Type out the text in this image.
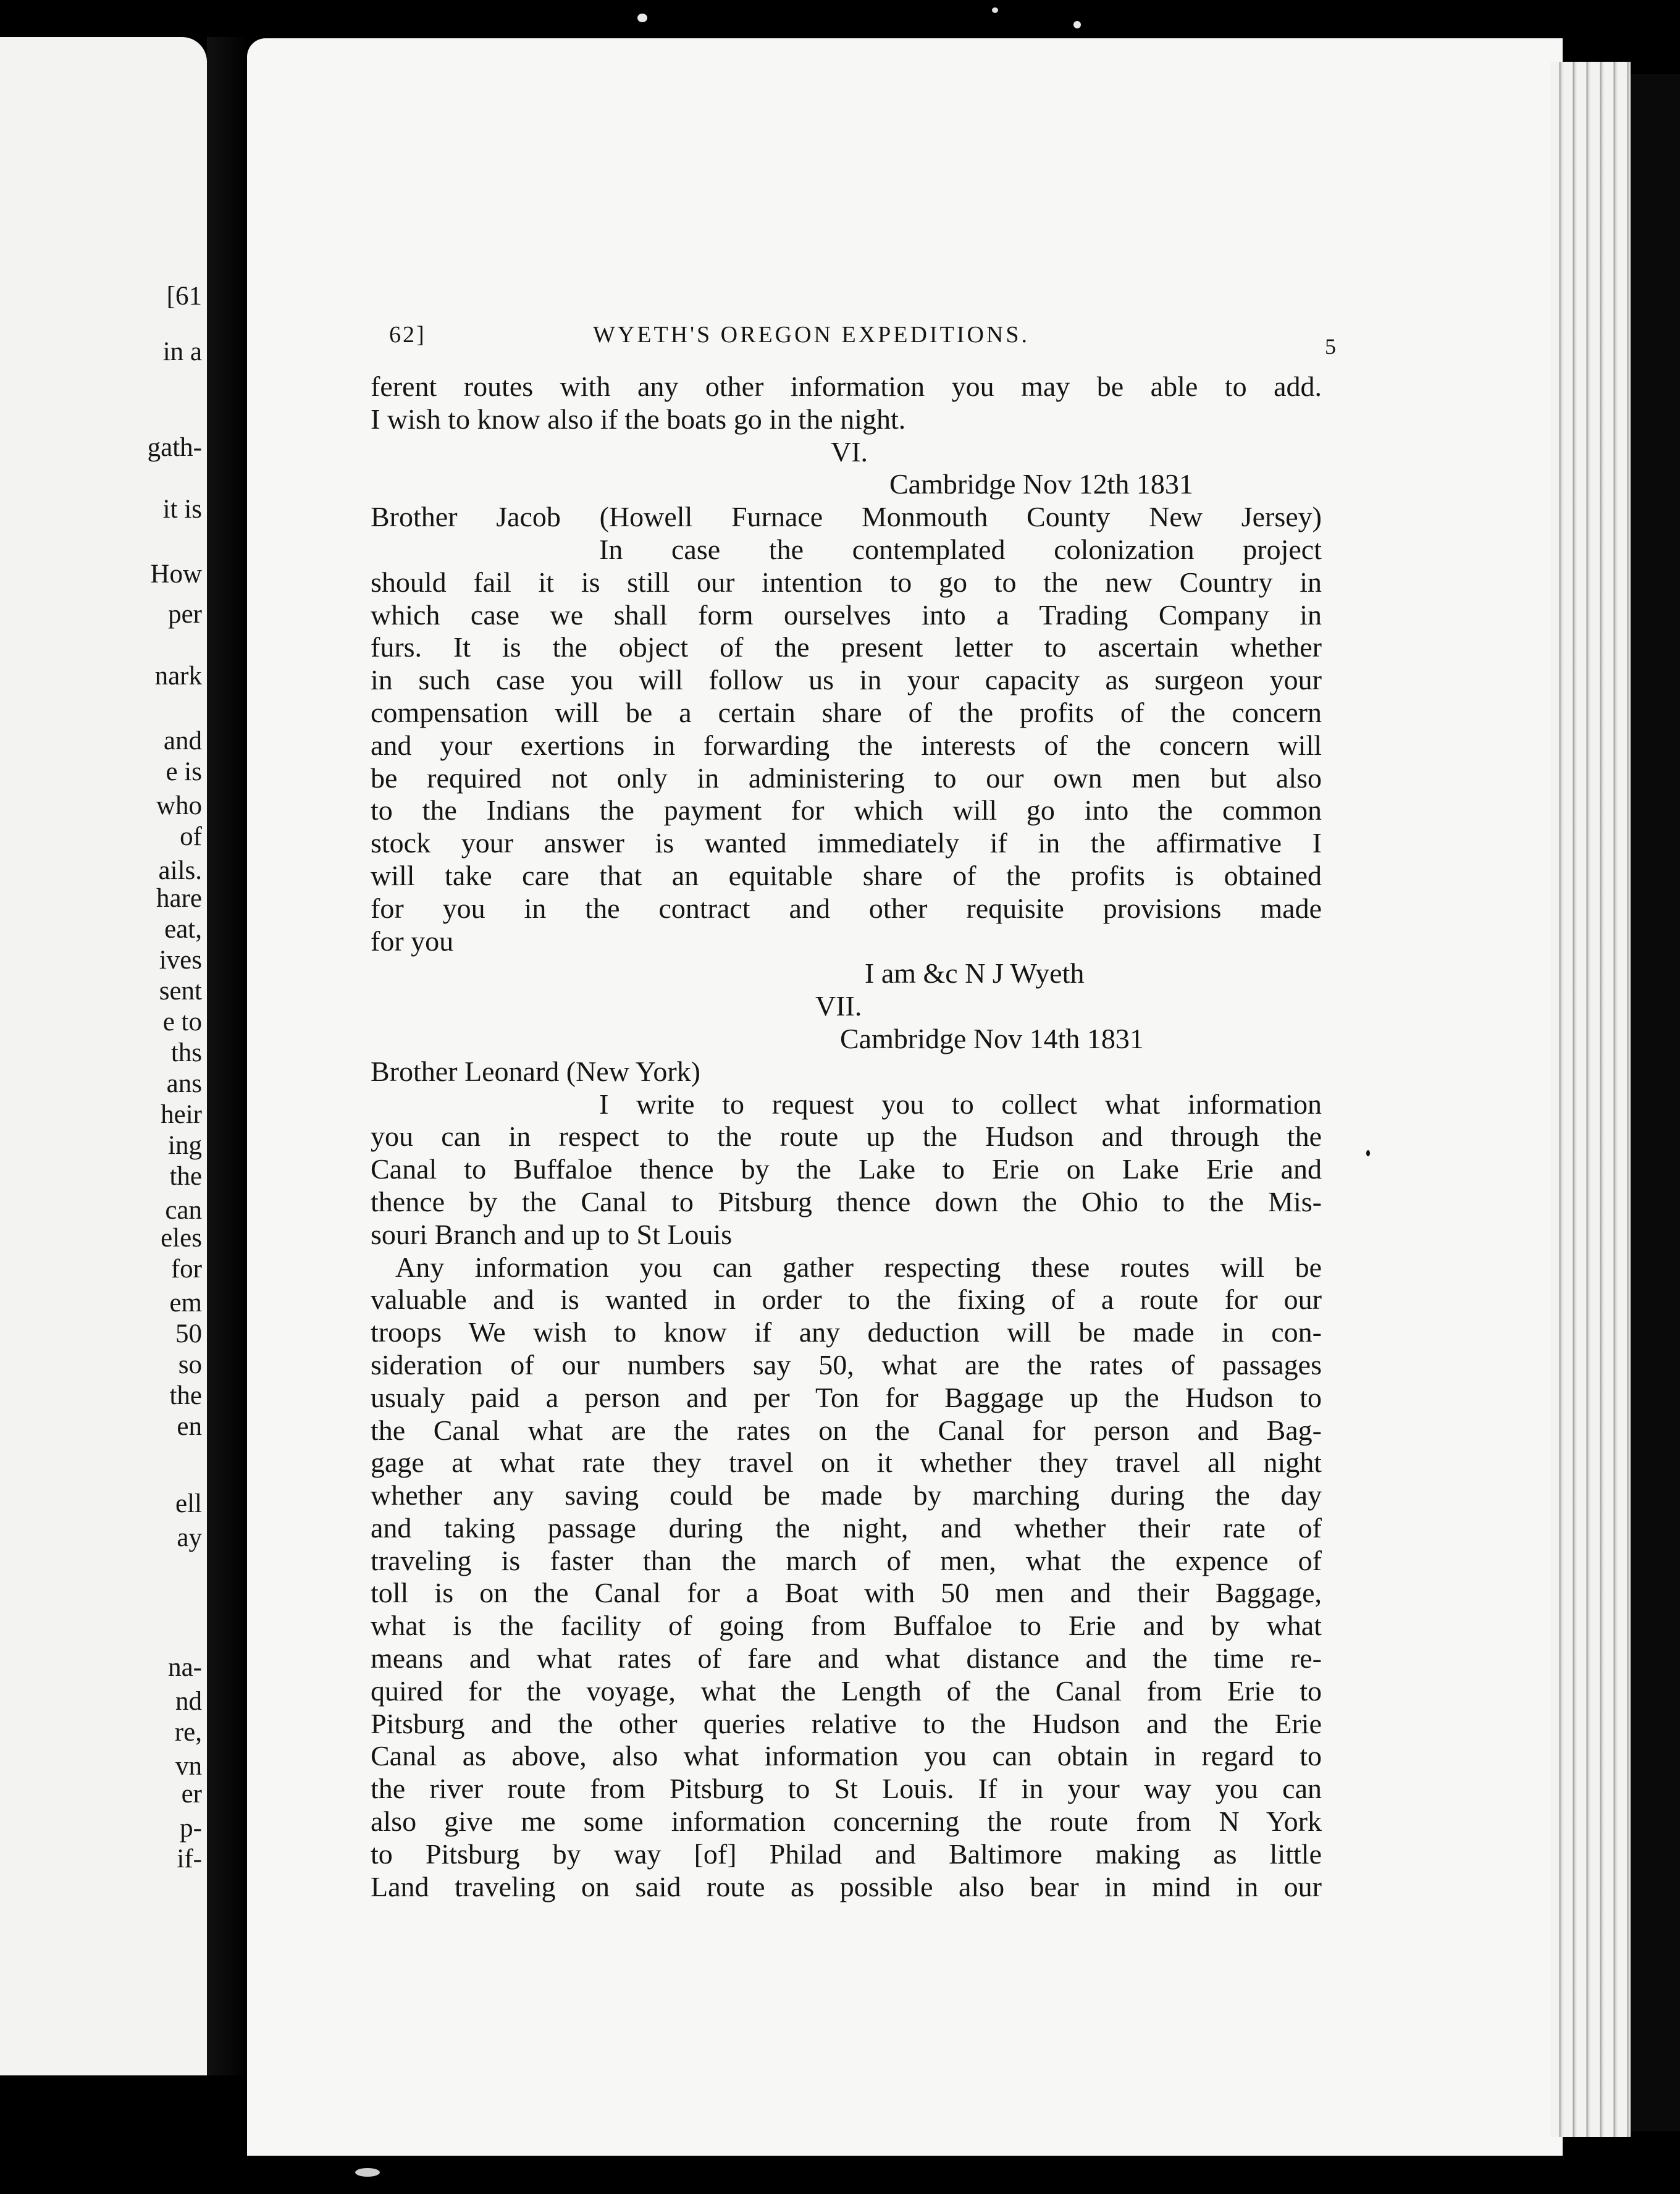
[61
in a
gath-
it is
How
per
nark
and
e is
who
of
ails.
hare
eat,
ives
sent
e to
ths
ans
heir
ing
the
can
eles
for
em
50
so
the
en
ell
ay
na-
nd
re,
vn
er
p-
if-
62]	WYETH'S OREGON EXPEDITIONS.	5
ferent routes with any other information you may be able to add.
I wish to know also if the boats go in the night.
VI.
Cambridge Nov 12th 1831
Brother Jacob (Howell Furnace Monmouth County New Jersey)
In case the contemplated colonization project
should fail it is still our intention to go to the new Country in
which case we shall form ourselves into a Trading Company in
furs. It is the object of the present letter to ascertain whether
in such case you will follow us in your capacity as surgeon your
compensation will be a certain share of the profits of the concern
and your exertions in forwarding the interests of the concern will
be required not only in administering to our own men but also
to the Indians the payment for which will go into the common
stock your answer is wanted immediately if in the affirmative I
will take care that an equitable share of the profits is obtained
for you in the contract and other requisite provisions made
for you
I am &c N J Wyeth
VII.
Cambridge Nov 14th 1831
Brother Leonard (New York)
I write to request you to collect what information
you can in respect to the route up the Hudson and through the
Canal to Buffaloe thence by the Lake to Erie on Lake Erie and
thence by the Canal to Pitsburg thence down the Ohio to the Mis-
souri Branch and up to St Louis
Any information you can gather respecting these routes will be
valuable and is wanted in order to the fixing of a route for our
troops We wish to know if any deduction will be made in con-
sideration of our numbers say 50, what are the rates of passages
usualy paid a person and per Ton for Baggage up the Hudson to
the Canal what are the rates on the Canal for person and Bag-
gage at what rate they travel on it whether they travel all night
whether any saving could be made by marching during the day
and taking passage during the night, and whether their rate of
traveling is faster than the march of men, what the expence of
toll is on the Canal for a Boat with 50 men and their Baggage,
what is the facility of going from Buffaloe to Erie and by what
means and what rates of fare and what distance and the time re-
quired for the voyage, what the Length of the Canal from Erie to
Pitsburg and the other queries relative to the Hudson and the Erie
Canal as above, also what information you can obtain in regard to
the river route from Pitsburg to St Louis. If in your way you can
also give me some information concerning the route from N York
to Pitsburg by way [of] Philad and Baltimore making as little
Land traveling on said route as possible also bear in mind in our
